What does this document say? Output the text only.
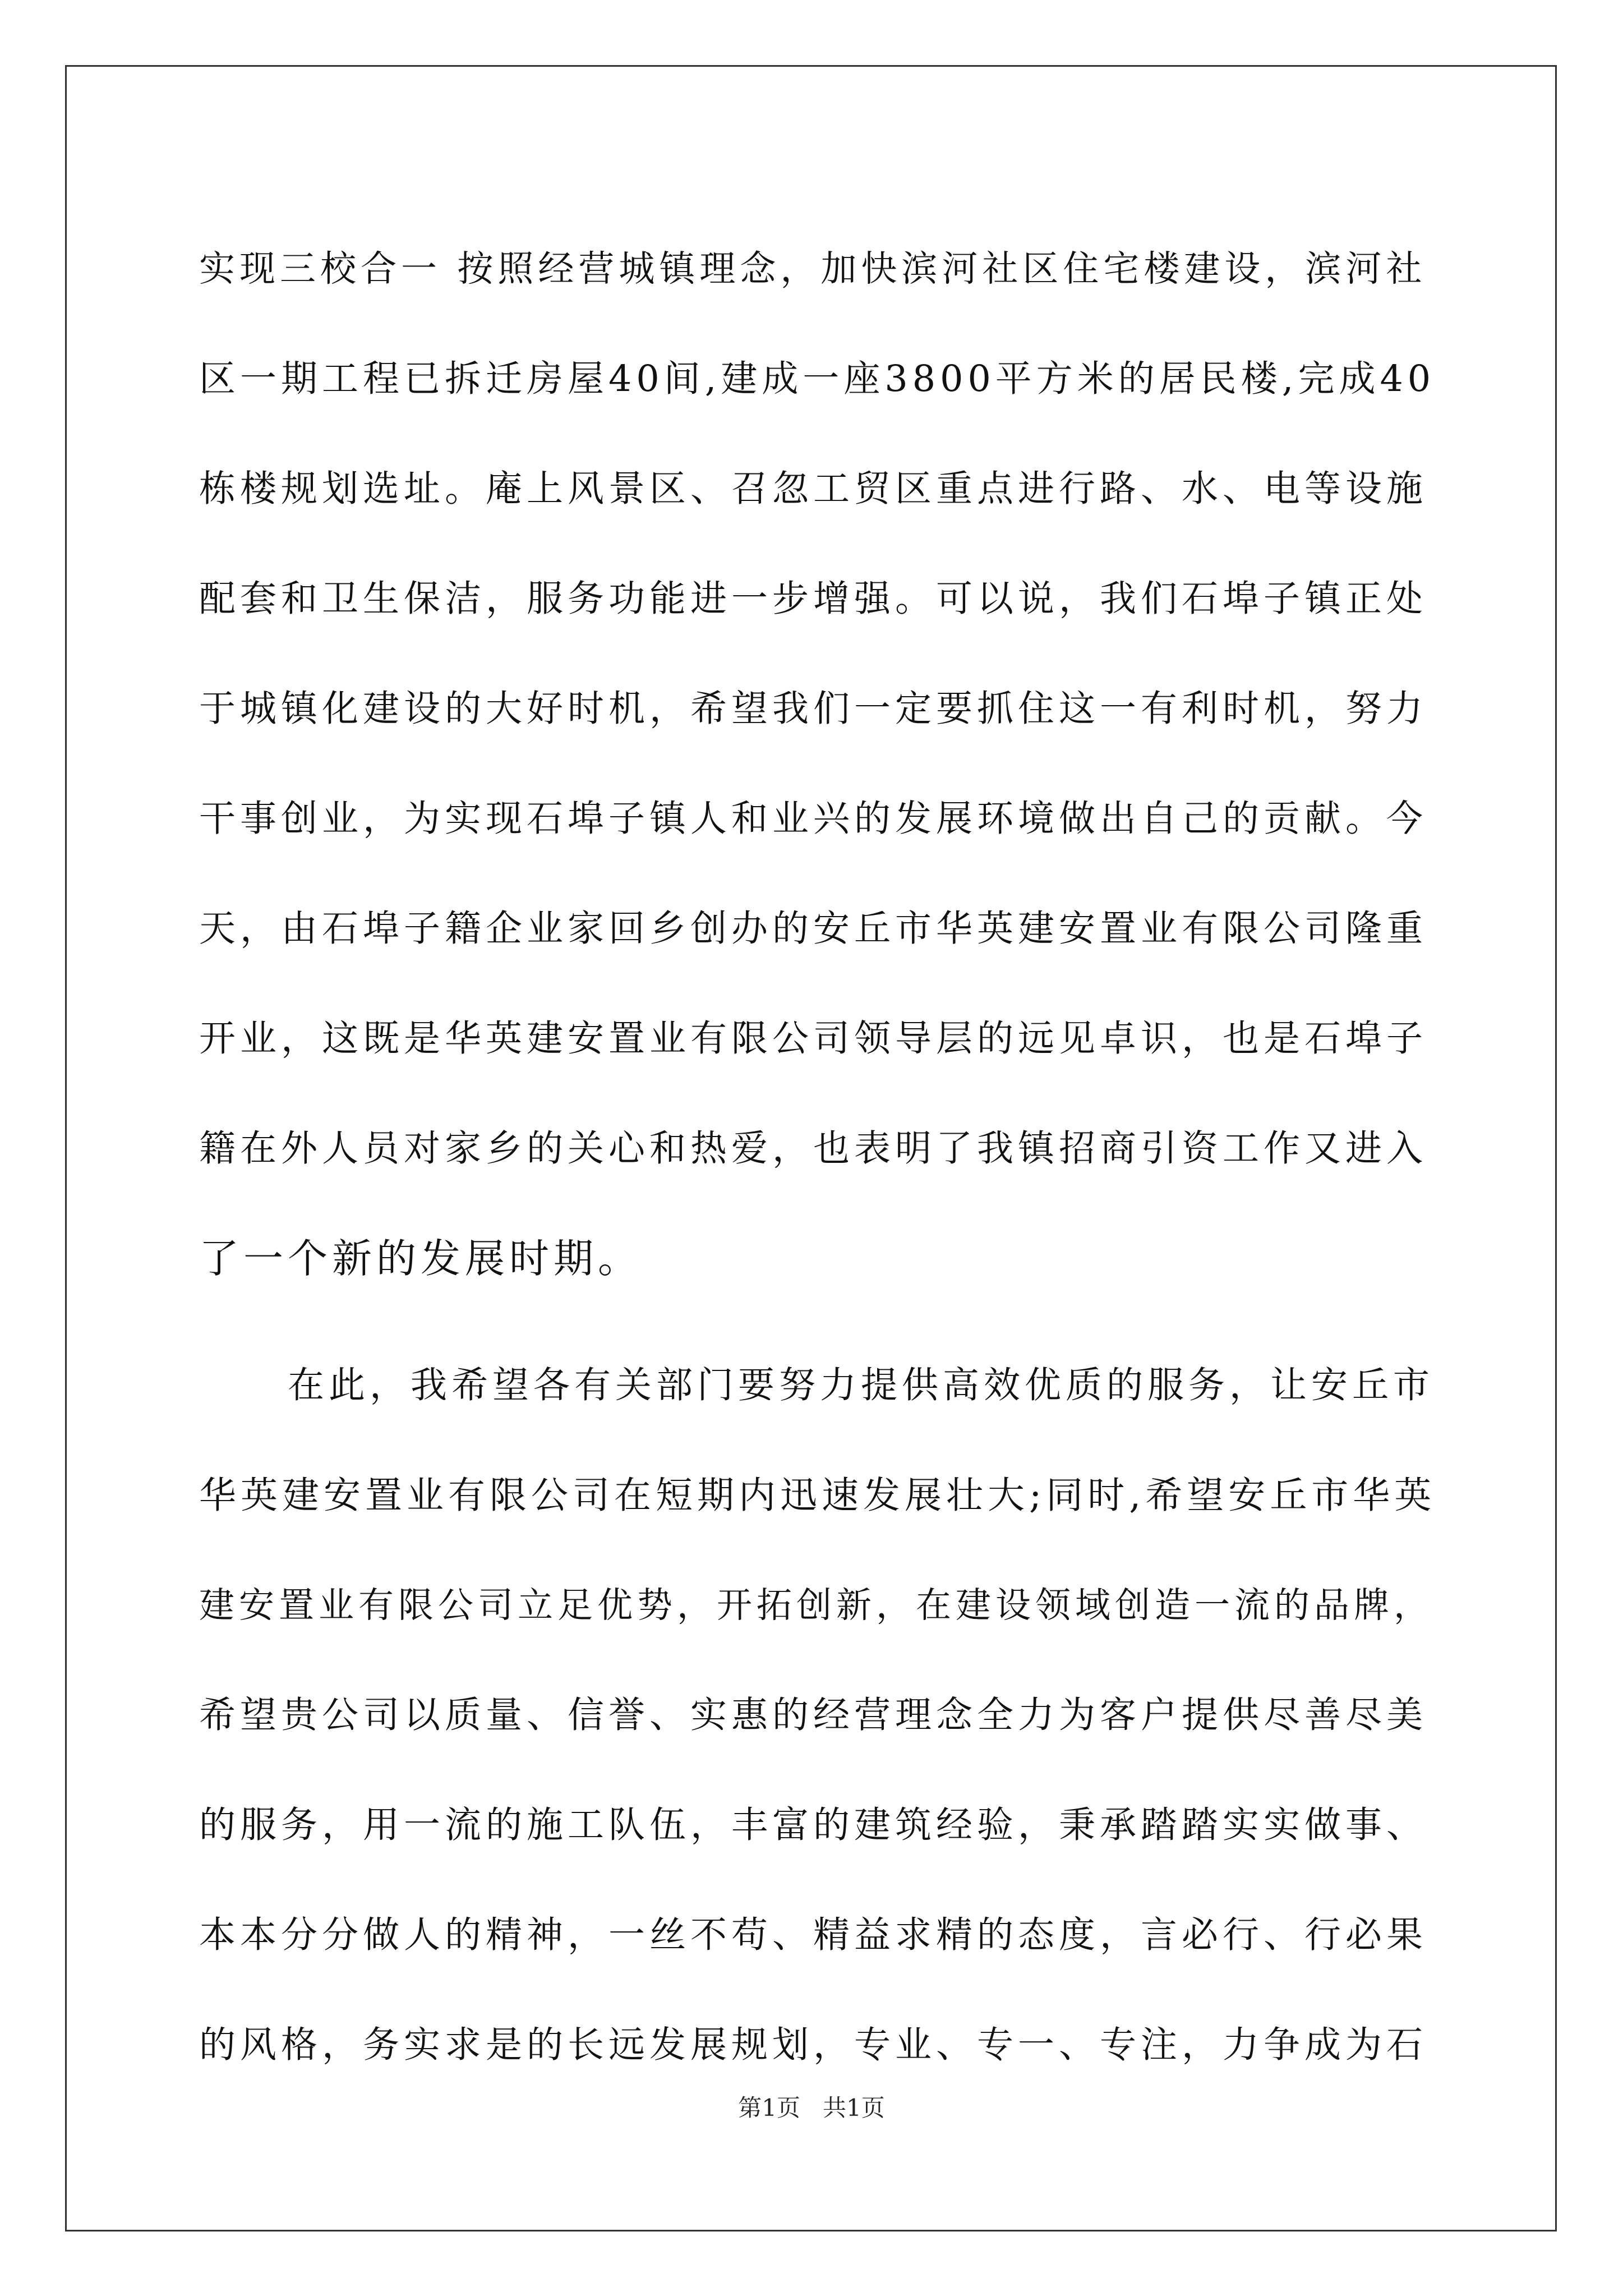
实现三校合一 按照经营城镇理念，加快滨河社区住宅楼建设，滨河社
区一期工程已拆迁房屋40间,建成一座3800平方米的居民楼,完成40
栋楼规划选址。庵上风景区、召忽工贸区重点进行路、水、电等设施
配套和卫生保洁，服务功能进一步增强。可以说，我们石埠子镇正处
于城镇化建设的大好时机，希望我们一定要抓住这一有利时机，努力
干事创业，为实现石埠子镇人和业兴的发展环境做出自己的贡献。今
天，由石埠子籍企业家回乡创办的安丘市华英建安置业有限公司隆重
开业，这既是华英建安置业有限公司领导层的远见卓识，也是石埠子
籍在外人员对家乡的关心和热爱，也表明了我镇招商引资工作又进入
了一个新的发展时期。

在此，我希望各有关部门要努力提供高效优质的服务，让安丘市
华英建安置业有限公司在短期内迅速发展壮大;同时,希望安丘市华英
建安置业有限公司立足优势，开拓创新，在建设领域创造一流的品牌，
希望贵公司以质量、信誉、实惠的经营理念全力为客户提供尽善尽美
的服务，用一流的施工队伍，丰富的建筑经验，秉承踏踏实实做事、
本本分分做人的精神，一丝不苟、精益求精的态度，言必行、行必果
的风格，务实求是的长远发展规划，专业、专一、专注，力争成为石

第1页   共1页
